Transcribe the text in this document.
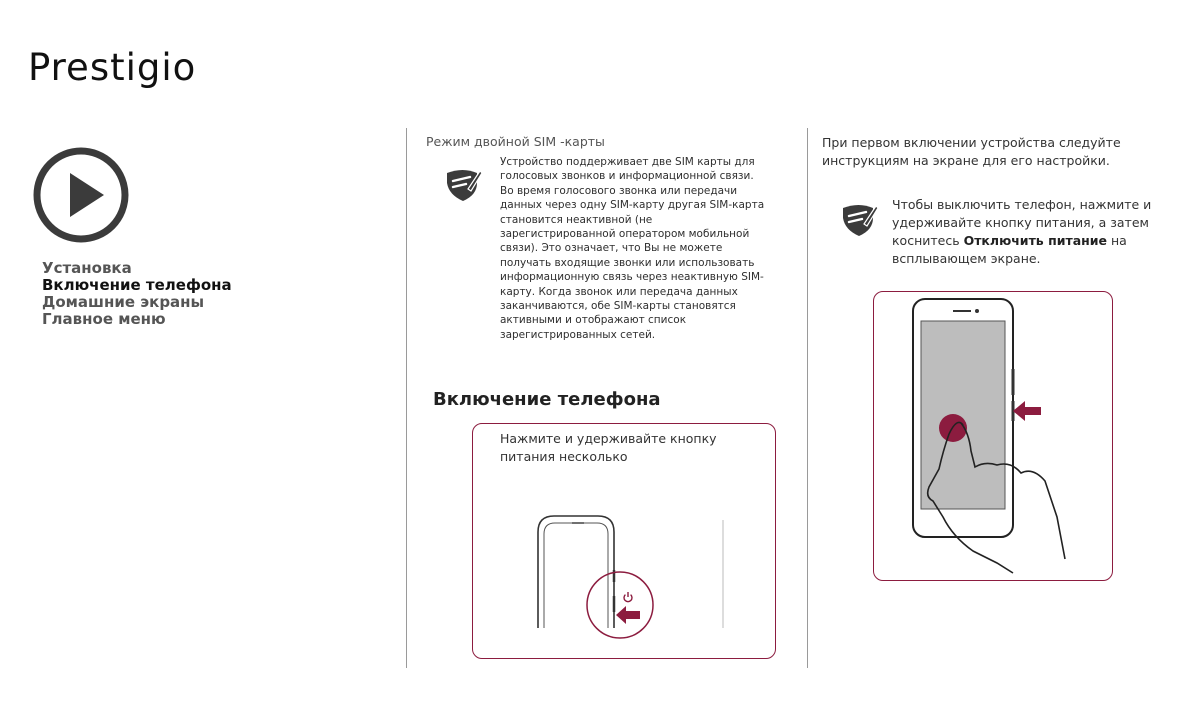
Prestigio
Установка
Включение телефона
Домашние экраны
Главное меню
Режим двойной SIM -карты
Устройство поддерживает две SIM карты для голосовых звонков и информационной связи. Во время голосового звонка или передачи данных через одну SIM-карту другая SIM-карта становится неактивной (не зарегистрированной оператором мобильной связи). Это означает, что Вы не можете получать входящие звонки или использовать информационную связь через неактивную SIM-карту. Когда звонок или передача данных заканчиваются, обе SIM-карты становятся активными и отображают список зарегистрированных сетей.
Включение телефона
Нажмите и удерживайте кнопку питания несколько
При первом включении устройства следуйте инструкциям на экране для его настройки.
Чтобы выключить телефон, нажмите и удерживайте кнопку питания, а затем коснитесь Отключить питание на всплывающем экране.
